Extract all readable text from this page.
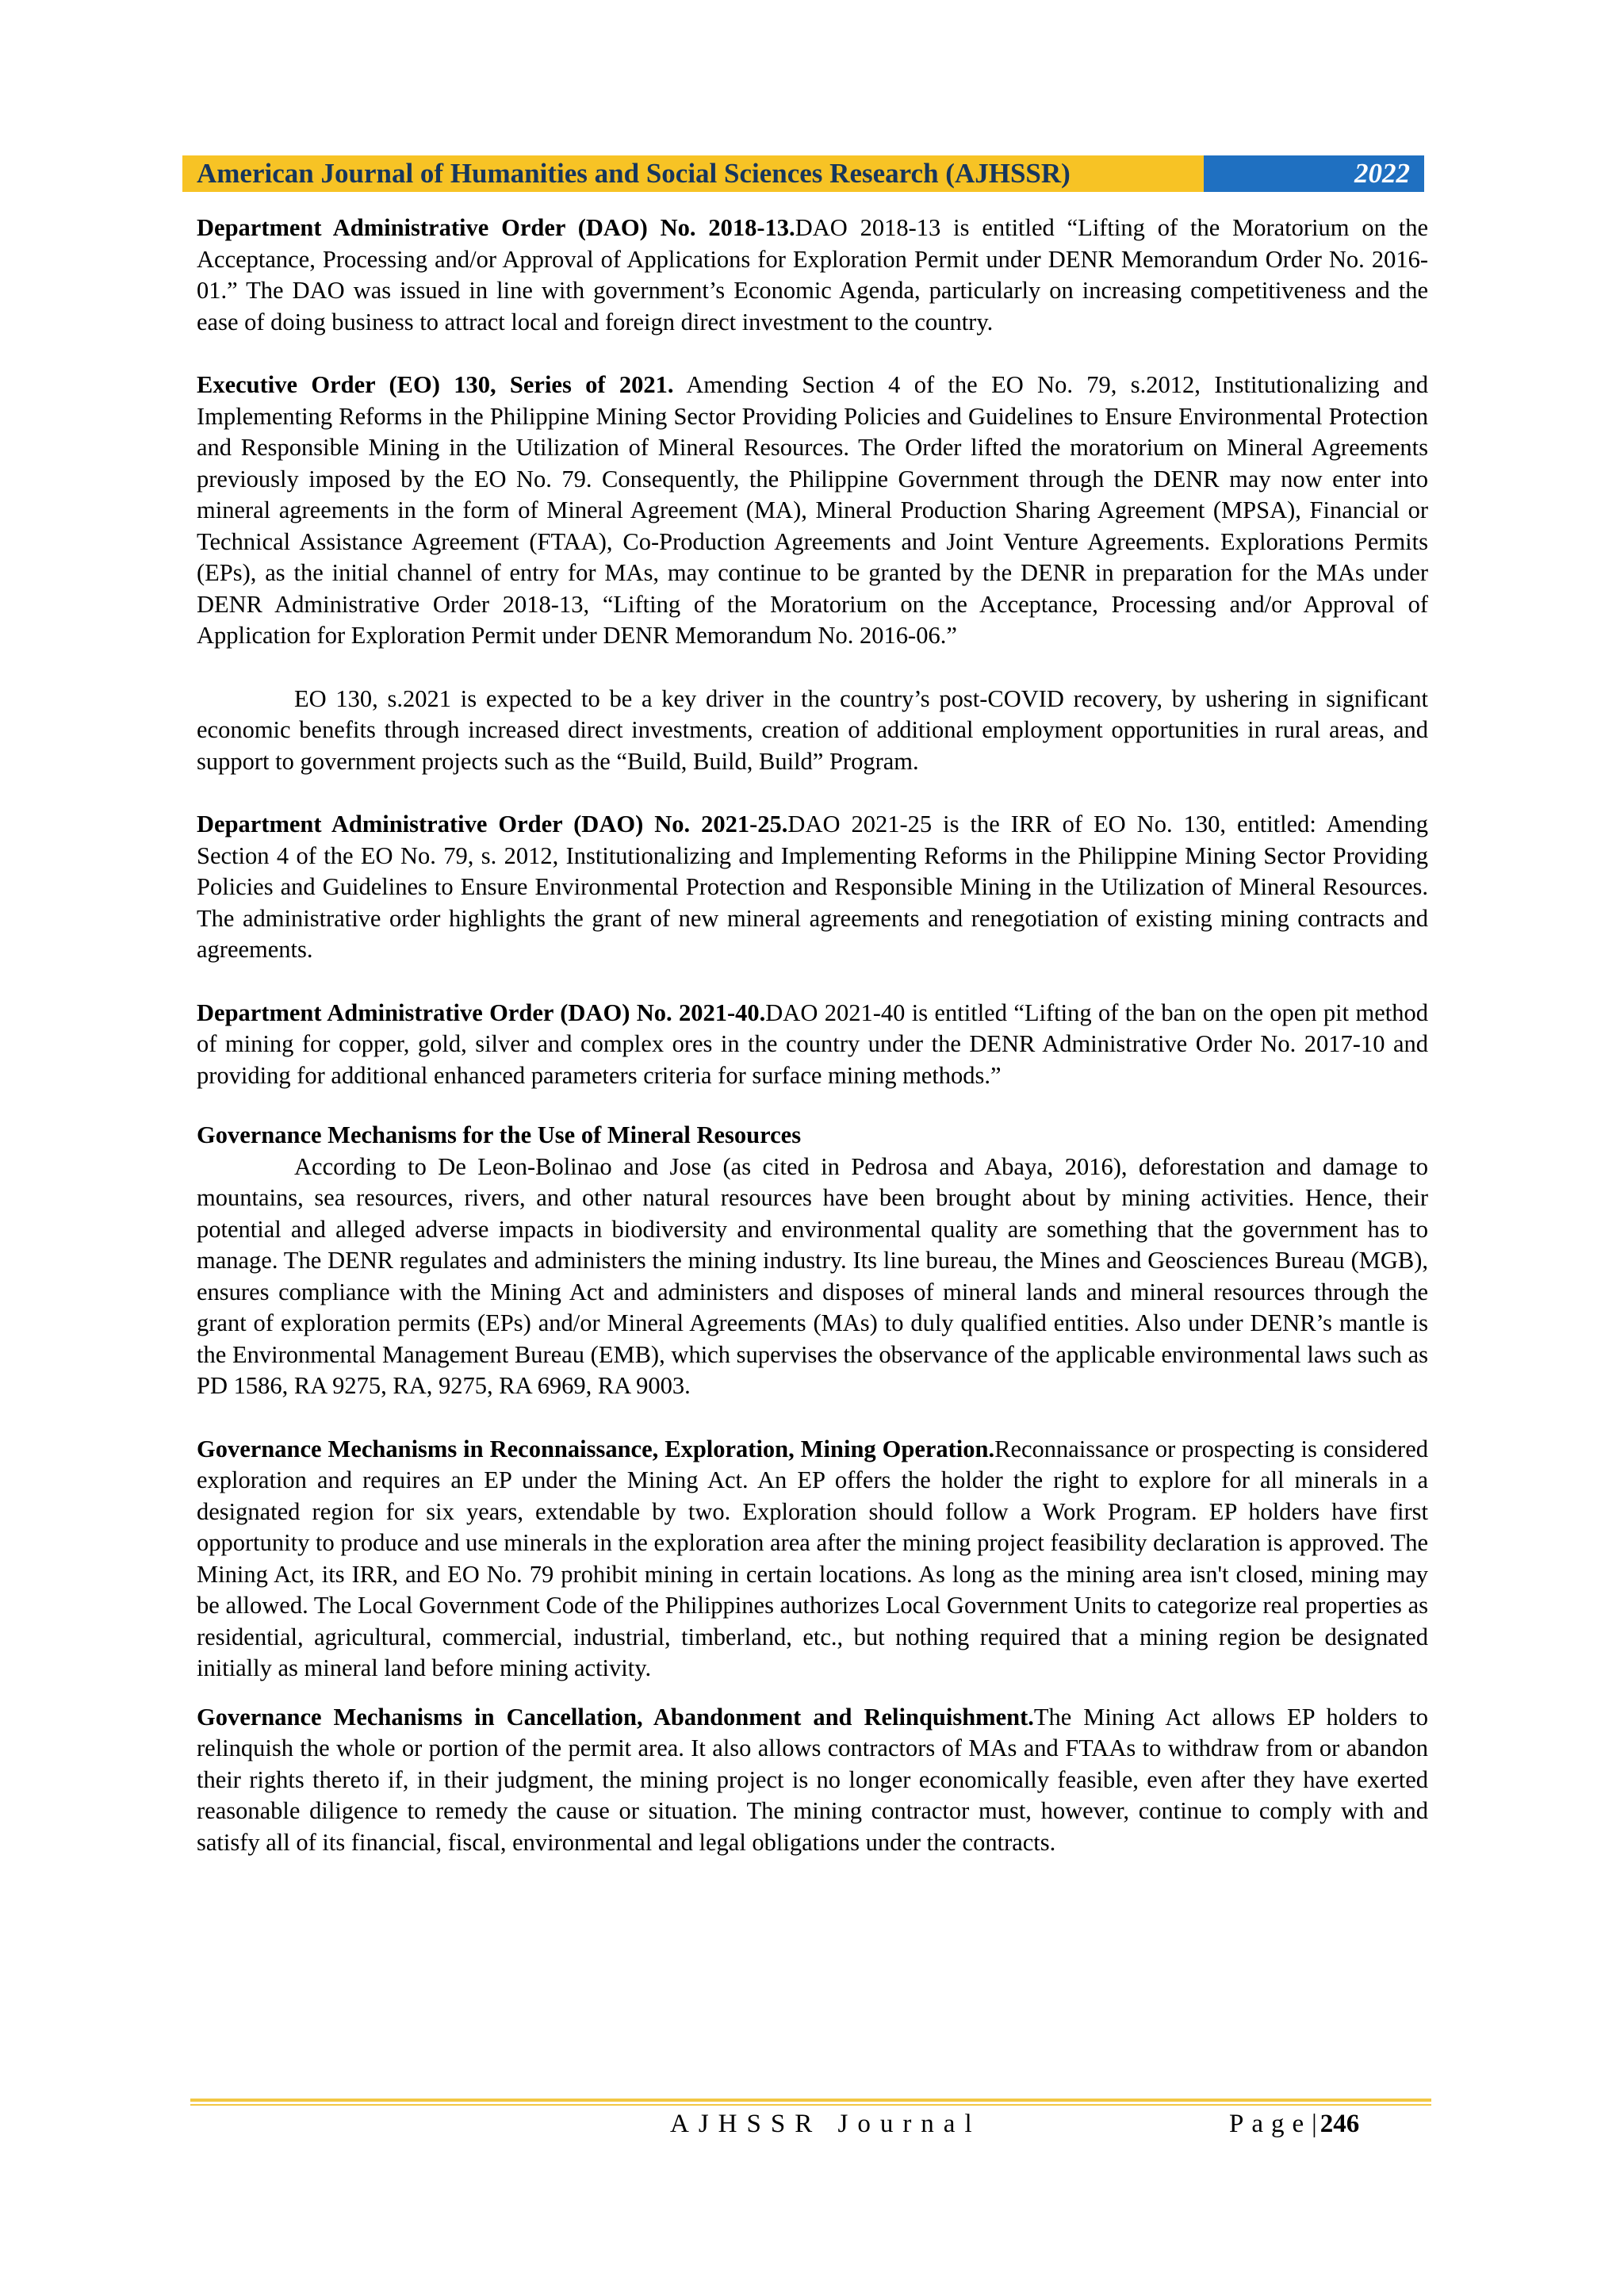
American Journal of Humanities and Social Sciences Research (AJHSSR)	2022

Department Administrative Order (DAO) No. 2018-13.DAO 2018-13 is entitled “Lifting of the Moratorium on the Acceptance, Processing and/or Approval of Applications for Exploration Permit under DENR Memorandum Order No. 2016-01.” The DAO was issued in line with government’s Economic Agenda, particularly on increasing competitiveness and the ease of doing business to attract local and foreign direct investment to the country.

Executive Order (EO) 130, Series of 2021. Amending Section 4 of the EO No. 79, s.2012, Institutionalizing and Implementing Reforms in the Philippine Mining Sector Providing Policies and Guidelines to Ensure Environmental Protection and Responsible Mining in the Utilization of Mineral Resources. The Order lifted the moratorium on Mineral Agreements previously imposed by the EO No. 79. Consequently, the Philippine Government through the DENR may now enter into mineral agreements in the form of Mineral Agreement (MA), Mineral Production Sharing Agreement (MPSA), Financial or Technical Assistance Agreement (FTAA), Co-Production Agreements and Joint Venture Agreements. Explorations Permits (EPs), as the initial channel of entry for MAs, may continue to be granted by the DENR in preparation for the MAs under DENR Administrative Order 2018-13, “Lifting of the Moratorium on the Acceptance, Processing and/or Approval of Application for Exploration Permit under DENR Memorandum No. 2016-06.”

EO 130, s.2021 is expected to be a key driver in the country’s post-COVID recovery, by ushering in significant economic benefits through increased direct investments, creation of additional employment opportunities in rural areas, and support to government projects such as the “Build, Build, Build” Program.

Department Administrative Order (DAO) No. 2021-25.DAO 2021-25 is the IRR of EO No. 130, entitled: Amending Section 4 of the EO No. 79, s. 2012, Institutionalizing and Implementing Reforms in the Philippine Mining Sector Providing Policies and Guidelines to Ensure Environmental Protection and Responsible Mining in the Utilization of Mineral Resources. The administrative order highlights the grant of new mineral agreements and renegotiation of existing mining contracts and agreements.

Department Administrative Order (DAO) No. 2021-40.DAO 2021-40 is entitled “Lifting of the ban on the open pit method of mining for copper, gold, silver and complex ores in the country under the DENR Administrative Order No. 2017-10 and providing for additional enhanced parameters criteria for surface mining methods.”

Governance Mechanisms for the Use of Mineral Resources

According to De Leon-Bolinao and Jose (as cited in Pedrosa and Abaya, 2016), deforestation and damage to mountains, sea resources, rivers, and other natural resources have been brought about by mining activities. Hence, their potential and alleged adverse impacts in biodiversity and environmental quality are something that the government has to manage. The DENR regulates and administers the mining industry. Its line bureau, the Mines and Geosciences Bureau (MGB), ensures compliance with the Mining Act and administers and disposes of mineral lands and mineral resources through the grant of exploration permits (EPs) and/or Mineral Agreements (MAs) to duly qualified entities. Also under DENR’s mantle is the Environmental Management Bureau (EMB), which supervises the observance of the applicable environmental laws such as PD 1586, RA 9275, RA, 9275, RA 6969, RA 9003.

Governance Mechanisms in Reconnaissance, Exploration, Mining Operation.Reconnaissance or prospecting is considered exploration and requires an EP under the Mining Act. An EP offers the holder the right to explore for all minerals in a designated region for six years, extendable by two. Exploration should follow a Work Program. EP holders have first opportunity to produce and use minerals in the exploration area after the mining project feasibility declaration is approved. The Mining Act, its IRR, and EO No. 79 prohibit mining in certain locations. As long as the mining area isn't closed, mining may be allowed. The Local Government Code of the Philippines authorizes Local Government Units to categorize real properties as residential, agricultural, commercial, industrial, timberland, etc., but nothing required that a mining region be designated initially as mineral land before mining activity.

Governance Mechanisms in Cancellation, Abandonment and Relinquishment.The Mining Act allows EP holders to relinquish the whole or portion of the permit area. It also allows contractors of MAs and FTAAs to withdraw from or abandon their rights thereto if, in their judgment, the mining project is no longer economically feasible, even after they have exerted reasonable diligence to remedy the cause or situation. The mining contractor must, however, continue to comply with and satisfy all of its financial, fiscal, environmental and legal obligations under the contracts.

AJHSSR Journal	Page| 246
